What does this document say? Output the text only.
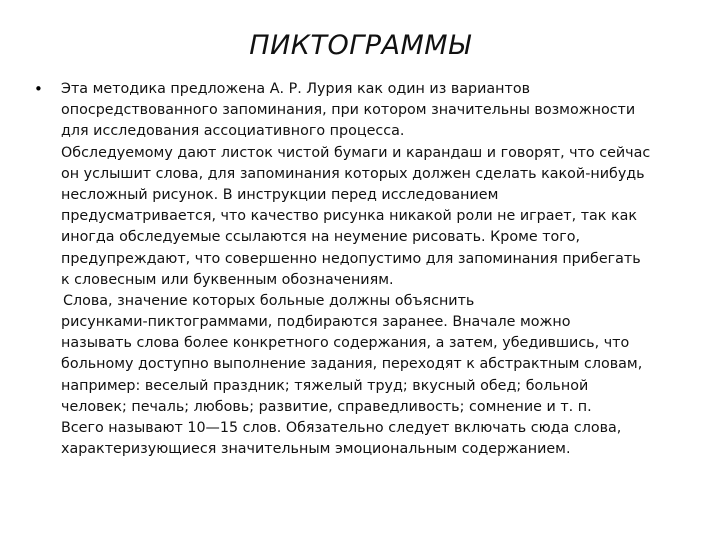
ПИКТОГРАММЫ
• Эта методика предложена А. Р. Лурия как один из вариантов
опосредствованного запоминания, при котором значительны возможности
для исследования ассоциативного процесса.
Обследуемому дают листок чистой бумаги и карандаш и говорят, что сейчас
он услышит слова, для запоминания которых должен сделать какой-нибудь
несложный рисунок. В инструкции перед исследованием
предусматривается, что качество рисунка никакой роли не играет, так как
иногда обследуемые ссылаются на неумение рисовать. Кроме того,
предупреждают, что совершенно недопустимо для запоминания прибегать
к словесным или буквенным обозначениям.
Слова, значение которых больные должны объяснить
рисунками-пиктограммами, подбираются заранее. Вначале можно
называть слова более конкретного содержания, а затем, убедившись, что
больному доступно выполнение задания, переходят к абстрактным словам,
например: веселый праздник; тяжелый труд; вкусный обед; больной
человек; печаль; любовь; развитие, справедливость; сомнение и т. п.
Всего называют 10—15 слов. Обязательно следует включать сюда слова,
характеризующиеся значительным эмоциональным содержанием.
